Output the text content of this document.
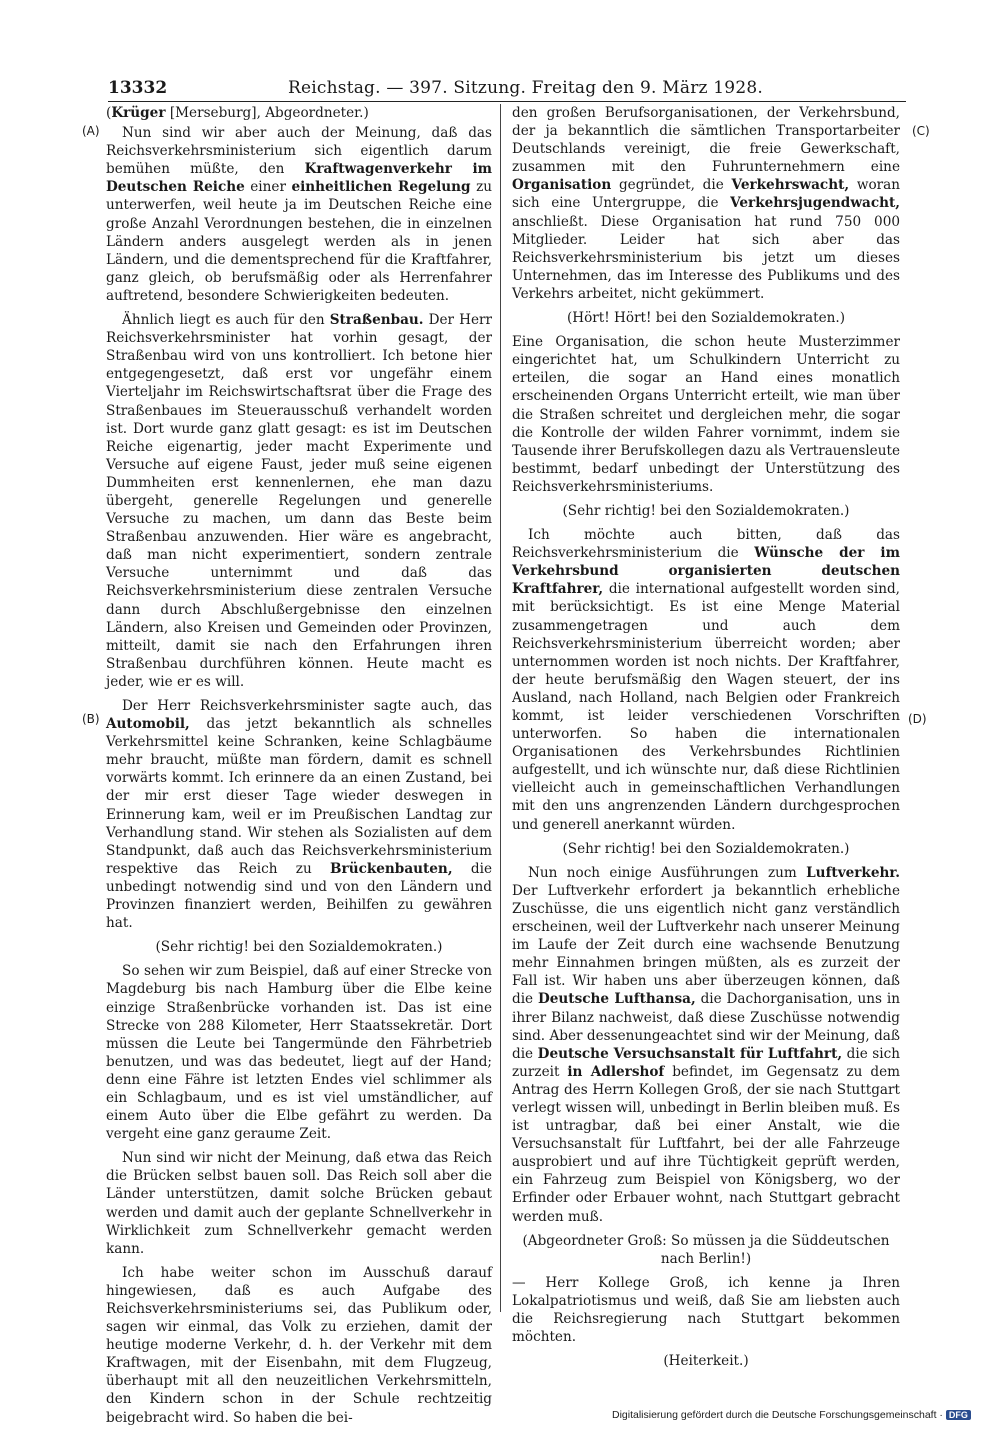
13332	Reichstag. — 397. Sitzung. Freitag den 9. März 1928.
(A)
(B)
(C)
(D)

(Krüger [Merseburg], Abgeordneter.)

Nun sind wir aber auch der Meinung, daß das Reichsverkehrsministerium sich eigentlich darum bemühen müßte, den Kraftwagenverkehr im Deutschen Reiche einer einheitlichen Regelung zu unterwerfen, weil heute ja im Deutschen Reiche eine große Anzahl Verordnungen bestehen, die in einzelnen Ländern anders ausgelegt werden als in jenen Ländern, und die dementsprechend für die Kraftfahrer, ganz gleich, ob berufsmäßig oder als Herrenfahrer auftretend, besondere Schwierigkeiten bedeuten.

Ähnlich liegt es auch für den Straßenbau. Der Herr Reichsverkehrsminister hat vorhin gesagt, der Straßenbau wird von uns kontrolliert. Ich betone hier entgegengesetzt, daß erst vor ungefähr einem Vierteljahr im Reichswirtschaftsrat über die Frage des Straßenbaues im Steuerausschuß verhandelt worden ist. Dort wurde ganz glatt gesagt: es ist im Deutschen Reiche eigenartig, jeder macht Experimente und Versuche auf eigene Faust, jeder muß seine eigenen Dummheiten erst kennenlernen, ehe man dazu übergeht, generelle Regelungen und generelle Versuche zu machen, um dann das Beste beim Straßenbau anzuwenden. Hier wäre es angebracht, daß man nicht experimentiert, sondern zentrale Versuche unternimmt und daß das Reichsverkehrsministerium diese zentralen Versuche dann durch Abschlußergebnisse den einzelnen Ländern, also Kreisen und Gemeinden oder Provinzen, mitteilt, damit sie nach den Erfahrungen ihren Straßenbau durchführen können. Heute macht es jeder, wie er es will.

Der Herr Reichsverkehrsminister sagte auch, das Automobil, das jetzt bekanntlich als schnelles Verkehrsmittel keine Schranken, keine Schlagbäume mehr braucht, müßte man fördern, damit es schnell vorwärts kommt. Ich erinnere da an einen Zustand, bei der mir erst dieser Tage wieder deswegen in Erinnerung kam, weil er im Preußischen Landtag zur Verhandlung stand. Wir stehen als Sozialisten auf dem Standpunkt, daß auch das Reichsverkehrsministerium respektive das Reich zu Brückenbauten, die unbedingt notwendig sind und von den Ländern und Provinzen finanziert werden, Beihilfen zu gewähren hat.

(Sehr richtig! bei den Sozialdemokraten.)

So sehen wir zum Beispiel, daß auf einer Strecke von Magdeburg bis nach Hamburg über die Elbe keine einzige Straßenbrücke vorhanden ist. Das ist eine Strecke von 288 Kilometer, Herr Staatssekretär. Dort müssen die Leute bei Tangermünde den Fährbetrieb benutzen, und was das bedeutet, liegt auf der Hand; denn eine Fähre ist letzten Endes viel schlimmer als ein Schlagbaum, und es ist viel umständlicher, auf einem Auto über die Elbe gefährt zu werden. Da vergeht eine ganz geraume Zeit.

Nun sind wir nicht der Meinung, daß etwa das Reich die Brücken selbst bauen soll. Das Reich soll aber die Länder unterstützen, damit solche Brücken gebaut werden und damit auch der geplante Schnellverkehr in Wirklichkeit zum Schnellverkehr gemacht werden kann.

Ich habe weiter schon im Ausschuß darauf hingewiesen, daß es auch Aufgabe des Reichsverkehrsministeriums sei, das Publikum oder, sagen wir einmal, das Volk zu erziehen, damit der heutige moderne Verkehr, d. h. der Verkehr mit dem Kraftwagen, mit der Eisenbahn, mit dem Flugzeug, überhaupt mit all den neuzeitlichen Verkehrsmitteln, den Kindern schon in der Schule rechtzeitig beigebracht wird. So haben die bei-

den großen Berufsorganisationen, der Verkehrsbund, der ja bekanntlich die sämtlichen Transportarbeiter Deutschlands vereinigt, die freie Gewerkschaft, zusammen mit den Fuhrunternehmern eine Organisation gegründet, die Verkehrswacht, woran sich eine Untergruppe, die Verkehrsjugendwacht, anschließt. Diese Organisation hat rund 750 000 Mitglieder. Leider hat sich aber das Reichsverkehrsministerium bis jetzt um dieses Unternehmen, das im Interesse des Publikums und des Verkehrs arbeitet, nicht gekümmert.

(Hört! Hört! bei den Sozialdemokraten.)

Eine Organisation, die schon heute Musterzimmer eingerichtet hat, um Schulkindern Unterricht zu erteilen, die sogar an Hand eines monatlich erscheinenden Organs Unterricht erteilt, wie man über die Straßen schreitet und dergleichen mehr, die sogar die Kontrolle der wilden Fahrer vornimmt, indem sie Tausende ihrer Berufskollegen dazu als Vertrauensleute bestimmt, bedarf unbedingt der Unterstützung des Reichsverkehrsministeriums.

(Sehr richtig! bei den Sozialdemokraten.)

Ich möchte auch bitten, daß das Reichsverkehrsministerium die Wünsche der im Verkehrsbund organisierten deutschen Kraftfahrer, die international aufgestellt worden sind, mit berücksichtigt. Es ist eine Menge Material zusammengetragen und auch dem Reichsverkehrsministerium überreicht worden; aber unternommen worden ist noch nichts. Der Kraftfahrer, der heute berufsmäßig den Wagen steuert, der ins Ausland, nach Holland, nach Belgien oder Frankreich kommt, ist leider verschiedenen Vorschriften unterworfen. So haben die internationalen Organisationen des Verkehrsbundes Richtlinien aufgestellt, und ich wünschte nur, daß diese Richtlinien vielleicht auch in gemeinschaftlichen Verhandlungen mit den uns angrenzenden Ländern durchgesprochen und generell anerkannt würden.

(Sehr richtig! bei den Sozialdemokraten.)

Nun noch einige Ausführungen zum Luftverkehr. Der Luftverkehr erfordert ja bekanntlich erhebliche Zuschüsse, die uns eigentlich nicht ganz verständlich erscheinen, weil der Luftverkehr nach unserer Meinung im Laufe der Zeit durch eine wachsende Benutzung mehr Einnahmen bringen müßten, als es zurzeit der Fall ist. Wir haben uns aber überzeugen können, daß die Deutsche Lufthansa, die Dachorganisation, uns in ihrer Bilanz nachweist, daß diese Zuschüsse notwendig sind. Aber dessenungeachtet sind wir der Meinung, daß die Deutsche Versuchsanstalt für Luftfahrt, die sich zurzeit in Adlershof befindet, im Gegensatz zu dem Antrag des Herrn Kollegen Groß, der sie nach Stuttgart verlegt wissen will, unbedingt in Berlin bleiben muß. Es ist untragbar, daß bei einer Anstalt, wie die Versuchsanstalt für Luftfahrt, bei der alle Fahrzeuge ausprobiert und auf ihre Tüchtigkeit geprüft werden, ein Fahrzeug zum Beispiel von Königsberg, wo der Erfinder oder Erbauer wohnt, nach Stuttgart gebracht werden muß.

(Abgeordneter Groß: So müssen ja die Süddeutschen nach Berlin!)

— Herr Kollege Groß, ich kenne ja Ihren Lokalpatriotismus und weiß, daß Sie am liebsten auch die Reichsregierung nach Stuttgart bekommen möchten.

(Heiterkeit.)

Digitalisierung gefördert durch die Deutsche Forschungsgemeinschaft · DFG
